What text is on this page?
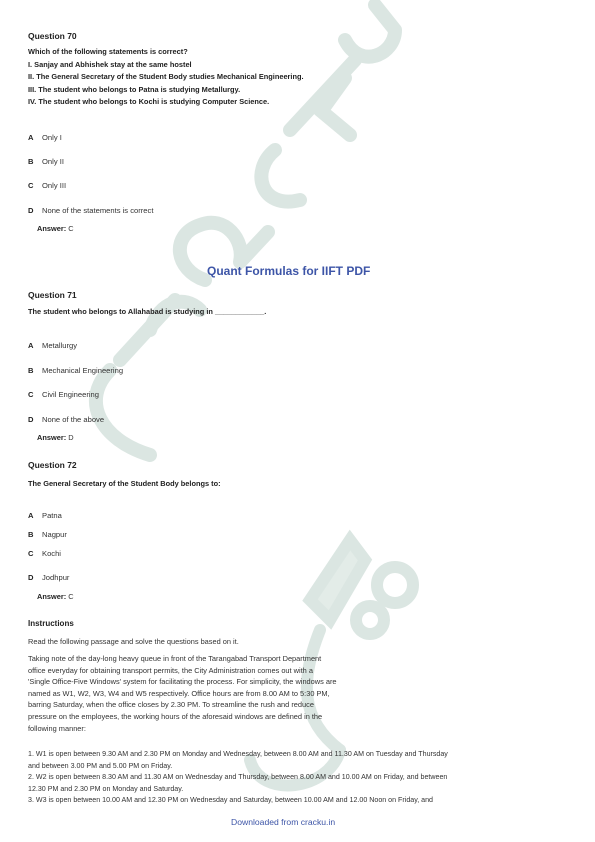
Question 70
Which of the following statements is correct?
I. Sanjay and Abhishek stay at the same hostel
II. The General Secretary of the Student Body studies Mechanical Engineering.
III. The student who belongs to Patna is studying Metallurgy.
IV. The student who belongs to Kochi is studying Computer Science.
A Only I
B Only II
C Only III
D None of the statements is correct
Answer: C
Quant Formulas for IIFT PDF
Question 71
The student who belongs to Allahabad is studying in ____________.
A Metallurgy
B Mechanical Engineering
C Civil Engineering
D None of the above
Answer: D
Question 72
The General Secretary of the Student Body belongs to:
A Patna
B Nagpur
C Kochi
D Jodhpur
Answer: C
Instructions
Read the following passage and solve the questions based on it.
Taking note of the day-long heavy queue in front of the Tarangabad Transport Department
office everyday for obtaining transport permits, the City Administration comes out with a
'Single Office-Five Windows' system for facilitating the process. For simplicity, the windows are
named as W1, W2, W3, W4 and W5 respectively. Office hours are from 8.00 AM to 5:30 PM,
barring Saturday, when the office closes by 2.30 PM. To streamline the rush and reduce
pressure on the employees, the working hours of the aforesaid windows are defined in the
following manner:
1. W1 is open between 9.30 AM and 2.30 PM on Monday and Wednesday, between 8.00 AM and 11.30 AM on Tuesday and Thursday
and between 3.00 PM and 5.00 PM on Friday.
2. W2 is open between 8.30 AM and 11.30 AM on Wednesday and Thursday, between 8.00 AM and 10.00 AM on Friday, and between
12.30 PM and 2.30 PM on Monday and Saturday.
3. W3 is open between 10.00 AM and 12.30 PM on Wednesday and Saturday, between 10.00 AM and 12.00 Noon on Friday, and
Downloaded from cracku.in
